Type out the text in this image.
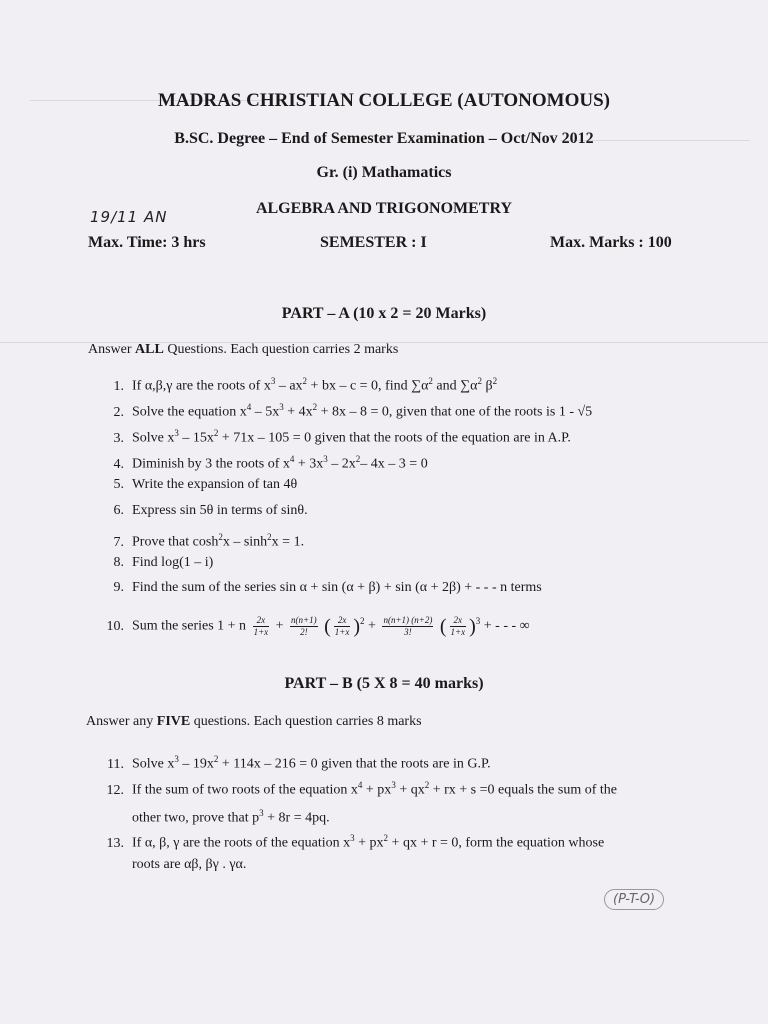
MADRAS CHRISTIAN COLLEGE (AUTONOMOUS)
B.SC. Degree – End of Semester Examination – Oct/Nov 2012
Gr. (i) Mathamatics
ALGEBRA AND TRIGONOMETRY
19/11 AN
Max. Time: 3 hrs	SEMESTER : I	Max. Marks : 100
PART – A (10 x 2 = 20 Marks)
Answer ALL Questions. Each question carries 2 marks
1. If α,β,γ are the roots of $x^3 - ax^2$ + bx – c = 0, find $\sum\alpha^2$ and $\sum\alpha^2$ $\beta^2$
2. Solve the equation $x^4 - 5x^3 + 4x^2 + 8x - 8 = 0$, given that one of the roots is 1 - √5
3. Solve $x^3 - 15x^2 + 71x - 105 = 0$ given that the roots of the equation are in A.P.
4. Diminish by 3 the roots of $x^4 + 3x^3 - 2x^2-$ 4x – 3 = 0
5. Write the expansion of tan 4θ
6. Express sin 5θ in terms of sinθ.
7. Prove that $\cosh^2x - \sinh^2x = 1$.
8. Find log(1 – i)
9. Find the sum of the series sin α + sin (α + β) + sin (α + 2β) + - - - n terms
10. Sum the series 1 + n $\frac{2x}{1+x} + \frac{n(n+1)}{2!}$ ( $\frac{2x}{1+x} )^2 + \frac{n(n+1) (n+2)}{3!}$ ( $\frac{2x}{1+x} )^3$ + - - - ∞
PART – B (5 X 8 = 40 marks)
Answer any FIVE questions. Each question carries 8 marks
11. Solve $x^3 - 19x^2 + 114x - 216 = 0$ given that the roots are in G.P.
12. If the sum of two roots of the equation $x^4 + px^3 + qx^2$ + rx + s =0 equals the sum of the
other two, prove that $p^3 + 8r = 4pq$.
13. If α, β, γ are the roots of the equation $x^3 + px^2$ + qx + r = 0, form the equation whose
roots are αβ, βγ . γα.
(P-T-O)
